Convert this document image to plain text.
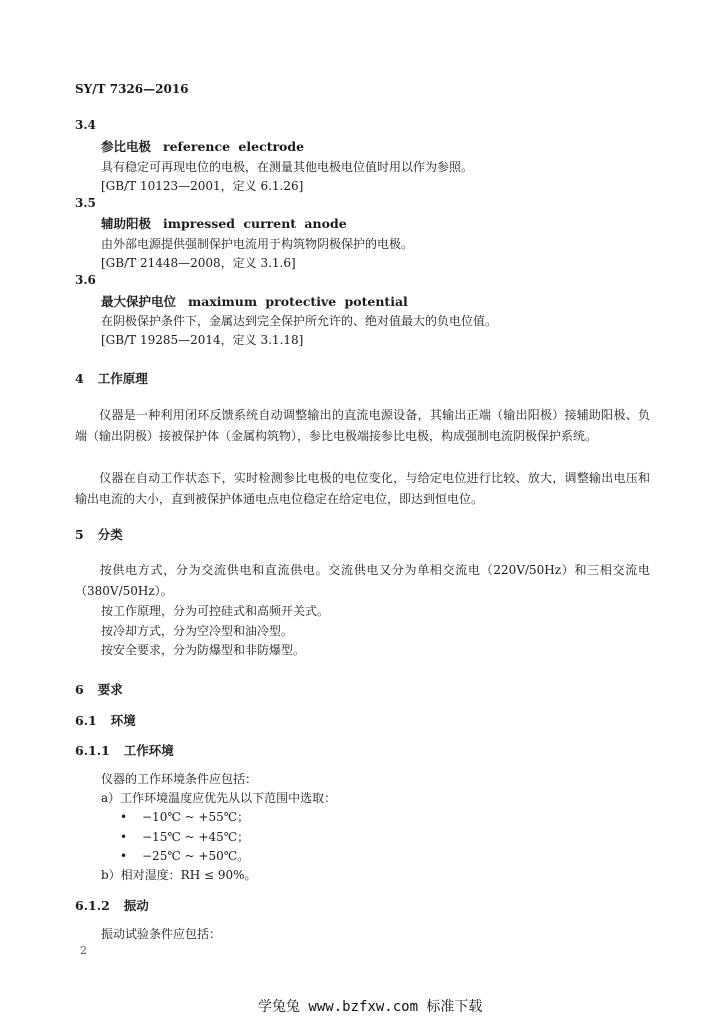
SY/T 7326—2016
3.4
参比电极 reference electrode
具有稳定可再现电位的电极，在测量其他电极电位值时用以作为参照。
[GB/T 10123—2001，定义 6.1.26]
3.5
辅助阳极 impressed current anode
由外部电源提供强制保护电流用于构筑物阴极保护的电极。
[GB/T 21448—2008，定义 3.1.6]
3.6
最大保护电位 maximum protective potential
在阴极保护条件下，金属达到完全保护所允许的、绝对值最大的负电位值。
[GB/T 19285—2014，定义 3.1.18]
4 工作原理
仪器是一种利用闭环反馈系统自动调整输出的直流电源设备，其输出正端（输出阳极）接辅助阳极、负端（输出阴极）接被保护体（金属构筑物），参比电极端接参比电极，构成强制电流阴极保护系统。
仪器在自动工作状态下，实时检测参比电极的电位变化，与给定电位进行比较、放大，调整输出电压和输出电流的大小，直到被保护体通电点电位稳定在给定电位，即达到恒电位。
5 分类
按供电方式，分为交流供电和直流供电。交流供电又分为单相交流电（220V/50Hz）和三相交流电（380V/50Hz）。
按工作原理，分为可控硅式和高频开关式。
按冷却方式，分为空冷型和油冷型。
按安全要求，分为防爆型和非防爆型。
6 要求
6.1 环境
6.1.1 工作环境
仪器的工作环境条件应包括：
a）工作环境温度应优先从以下范围中选取：
• −10℃ ~ +55℃；
• −15℃ ~ +45℃；
• −25℃ ~ +50℃。
b）相对湿度：RH ≤ 90%。
6.1.2 振动
振动试验条件应包括：
2
学兔兔 www.bzfxw.com 标准下载
